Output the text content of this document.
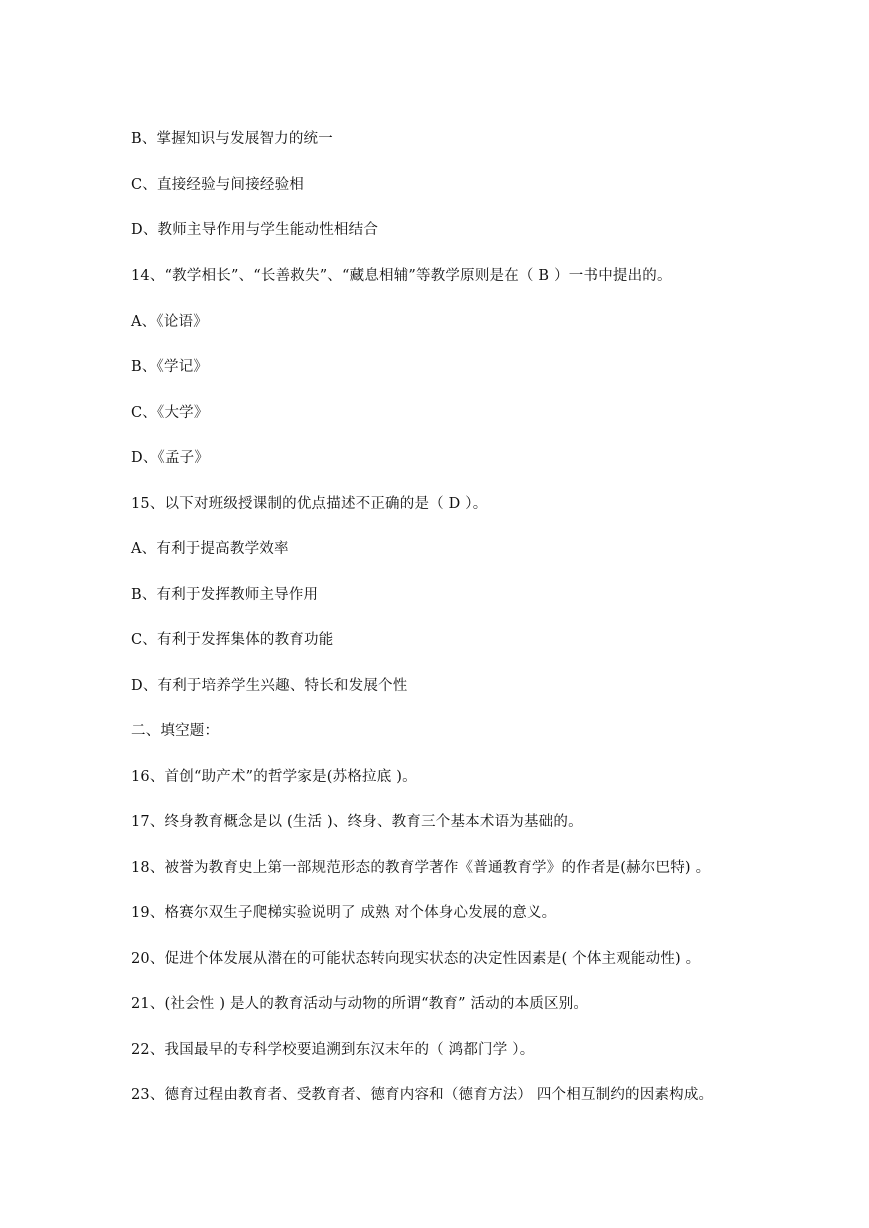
B、掌握知识与发展智力的统一
C、直接经验与间接经验相
D、教师主导作用与学生能动性相结合
14、“教学相长”、“长善救失”、“藏息相辅”等教学原则是在（ B ）一书中提出的。
A、《论语》
B、《学记》
C、《大学》
D、《孟子》
15、以下对班级授课制的优点描述不正确的是（ D ）。
A、有利于提高教学效率
B、有利于发挥教师主导作用
C、有利于发挥集体的教育功能
D、有利于培养学生兴趣、特长和发展个性
二、填空题：
16、首创“助产术”的哲学家是(苏格拉底 )。
17、终身教育概念是以 (生活 )、终身、教育三个基本术语为基础的。
18、被誉为教育史上第一部规范形态的教育学著作《普通教育学》的作者是(赫尔巴特) 。
19、格赛尔双生子爬梯实验说明了 成熟 对个体身心发展的意义。
20、促进个体发展从潜在的可能状态转向现实状态的决定性因素是( 个体主观能动性) 。
21、(社会性 ) 是人的教育活动与动物的所谓“教育” 活动的本质区别。
22、我国最早的专科学校要追溯到东汉末年的（ 鸿都门学 ）。
23、德育过程由教育者、受教育者、德育内容和（德育方法） 四个相互制约的因素构成。
